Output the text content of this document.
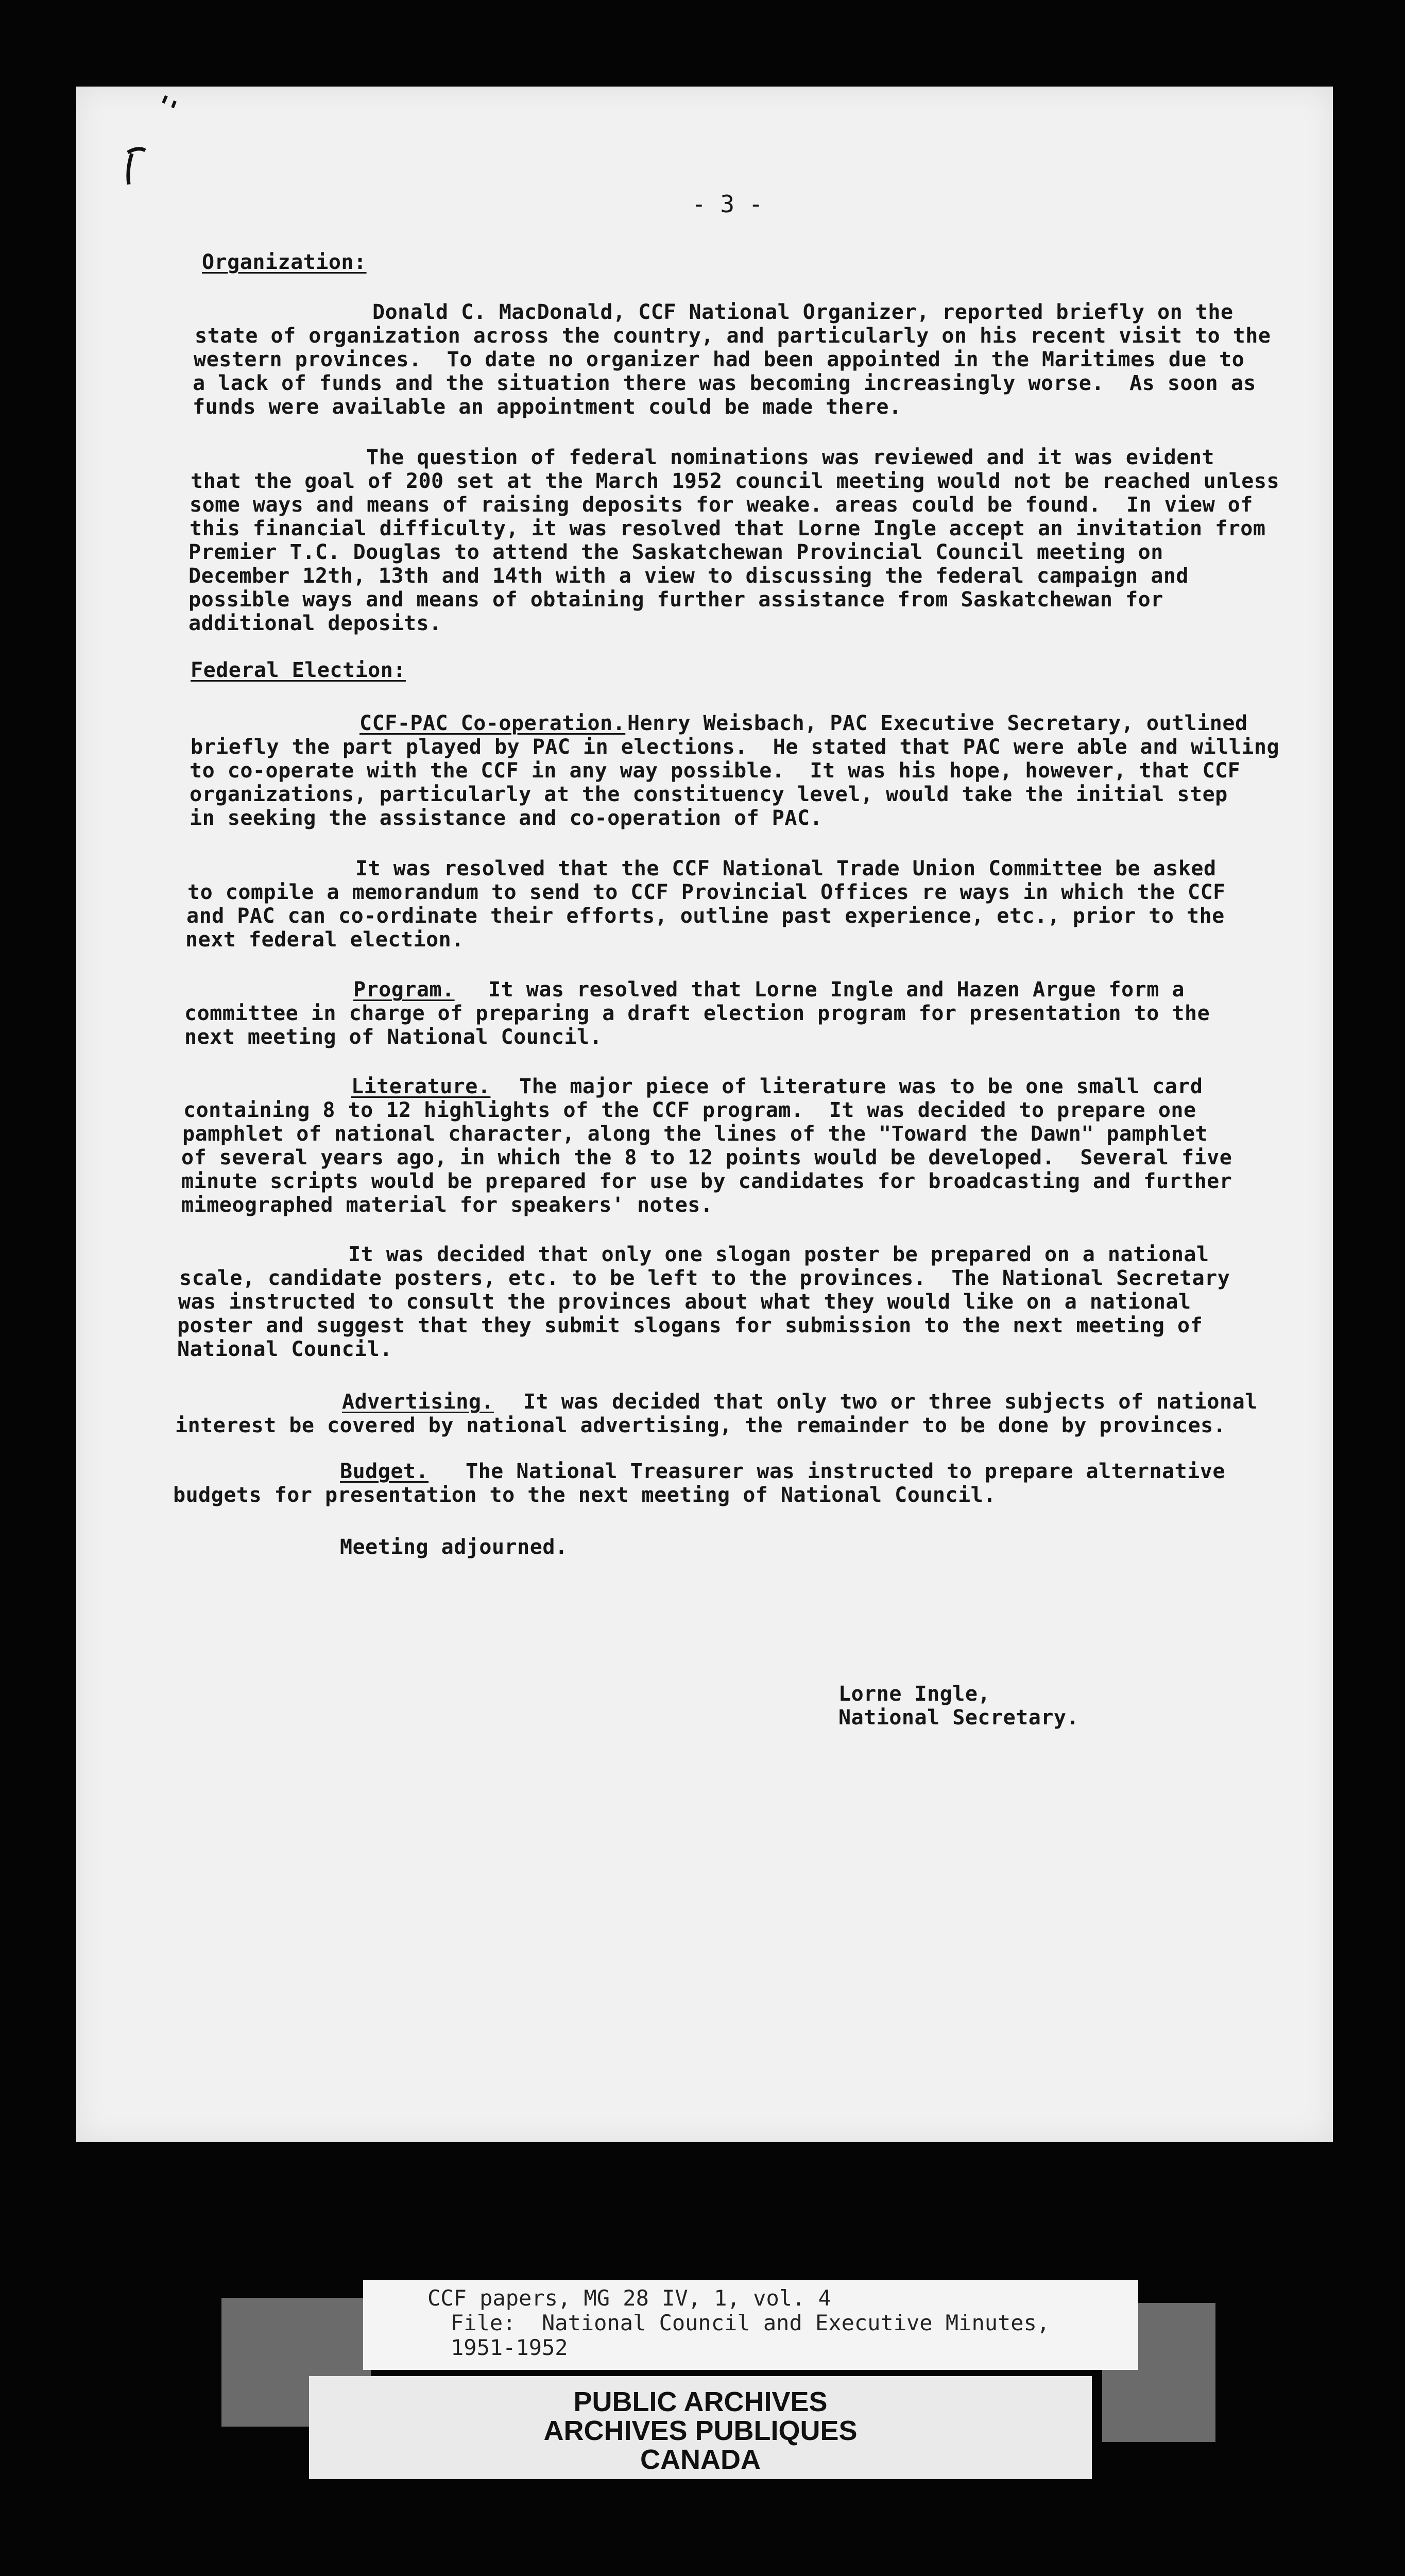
- 3 -
Organization:
Donald C. MacDonald, CCF National Organizer, reported briefly on the
state of organization across the country, and particularly on his recent visit to the
western provinces.  To date no organizer had been appointed in the Maritimes due to
a lack of funds and the situation there was becoming increasingly worse.  As soon as
funds were available an appointment could be made there.
The question of federal nominations was reviewed and it was evident
that the goal of 200 set at the March 1952 council meeting would not be reached unless
some ways and means of raising deposits for weake. areas could be found.  In view of
this financial difficulty, it was resolved that Lorne Ingle accept an invitation from
Premier T.C. Douglas to attend the Saskatchewan Provincial Council meeting on
December 12th, 13th and 14th with a view to discussing the federal campaign and
possible ways and means of obtaining further assistance from Saskatchewan for
additional deposits.
Federal Election:
CCF-PAC Co-operation. Henry Weisbach, PAC Executive Secretary, outlined
briefly the part played by PAC in elections.  He stated that PAC were able and willing
to co-operate with the CCF in any way possible.  It was his hope, however, that CCF
organizations, particularly at the constituency level, would take the initial step
in seeking the assistance and co-operation of PAC.
It was resolved that the CCF National Trade Union Committee be asked
to compile a memorandum to send to CCF Provincial Offices re ways in which the CCF
and PAC can co-ordinate their efforts, outline past experience, etc., prior to the
next federal election.
Program. It was resolved that Lorne Ingle and Hazen Argue form a
committee in charge of preparing a draft election program for presentation to the
next meeting of National Council.
Literature. The major piece of literature was to be one small card
containing 8 to 12 highlights of the CCF program.  It was decided to prepare one
pamphlet of national character, along the lines of the "Toward the Dawn" pamphlet
of several years ago, in which the 8 to 12 points would be developed.  Several five
minute scripts would be prepared for use by candidates for broadcasting and further
mimeographed material for speakers' notes.
It was decided that only one slogan poster be prepared on a national
scale, candidate posters, etc. to be left to the provinces.  The National Secretary
was instructed to consult the provinces about what they would like on a national
poster and suggest that they submit slogans for submission to the next meeting of
National Council.
Advertising. It was decided that only two or three subjects of national
interest be covered by national advertising, the remainder to be done by provinces.
Budget. The National Treasurer was instructed to prepare alternative
budgets for presentation to the next meeting of National Council.
Meeting adjourned.
Lorne Ingle,
National Secretary.
CCF papers, MG 28 IV, 1, vol. 4
File:  National Council and Executive Minutes,
1951-1952
PUBLIC ARCHIVES
ARCHIVES PUBLIQUES
CANADA
